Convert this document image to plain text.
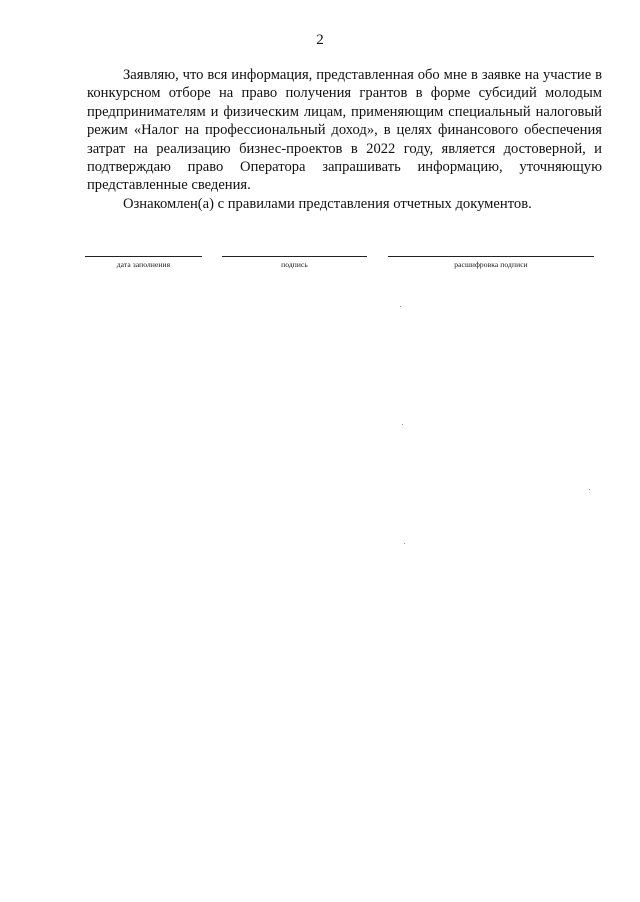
2

Заявляю, что вся информация, представленная обо мне в заявке на участие в конкурсном отборе на право получения грантов в форме субсидий молодым предпринимателям и физическим лицам, применяющим специальный налоговый режим «Налог на профессиональный доход», в целях финансового обеспечения затрат на реализацию бизнес-проектов в 2022 году, является достоверной, и подтверждаю право Оператора запрашивать информацию, уточняющую представленные сведения.

Ознакомлен(а) с правилами представления отчетных документов.

дата заполнения	подпись	расшифровка подписи
